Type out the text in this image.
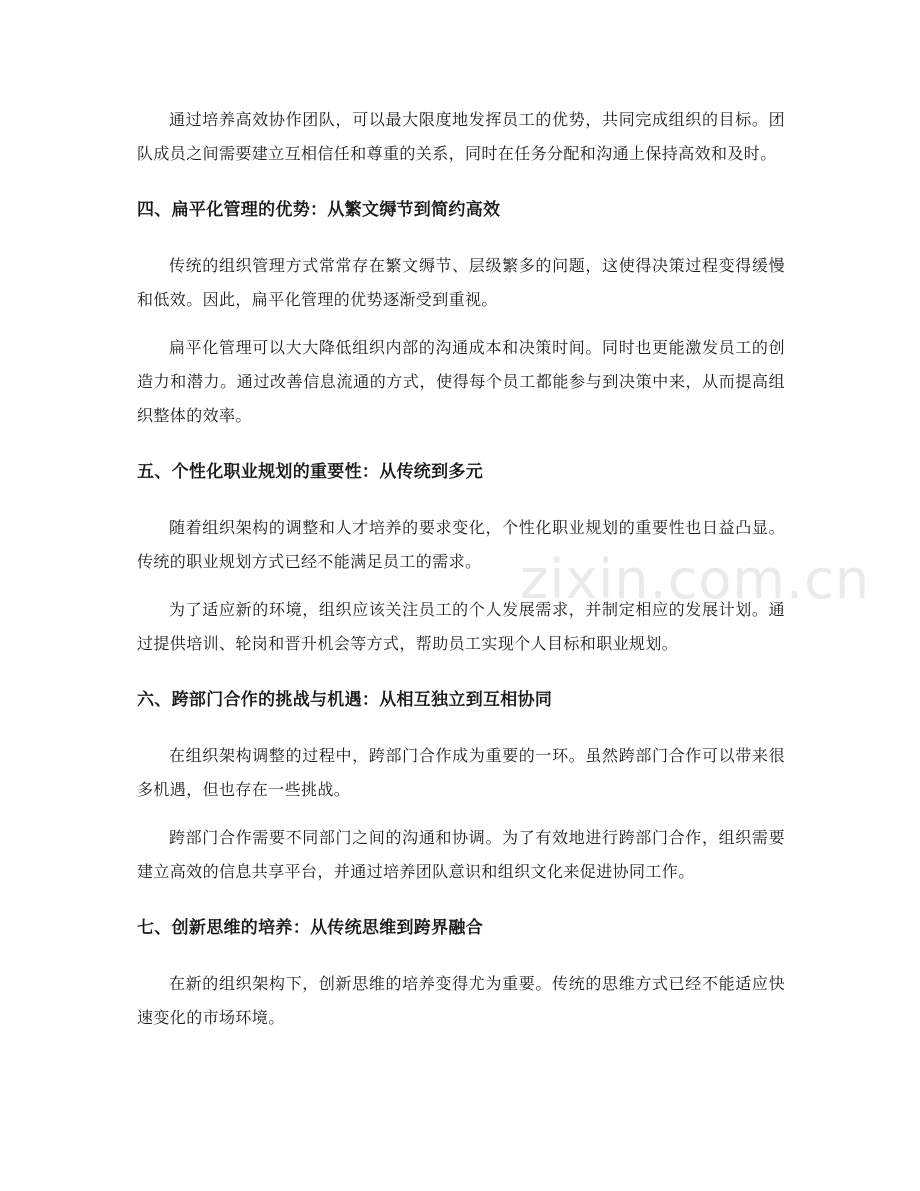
通过培养高效协作团队，可以最大限度地发挥员工的优势，共同完成组织的目标。团队成员之间需要建立互相信任和尊重的关系，同时在任务分配和沟通上保持高效和及时。

四、扁平化管理的优势：从繁文缛节到简约高效

传统的组织管理方式常常存在繁文缛节、层级繁多的问题，这使得决策过程变得缓慢和低效。因此，扁平化管理的优势逐渐受到重视。

扁平化管理可以大大降低组织内部的沟通成本和决策时间。同时也更能激发员工的创造力和潜力。通过改善信息流通的方式，使得每个员工都能参与到决策中来，从而提高组织整体的效率。

五、个性化职业规划的重要性：从传统到多元

随着组织架构的调整和人才培养的要求变化，个性化职业规划的重要性也日益凸显。传统的职业规划方式已经不能满足员工的需求。

为了适应新的环境，组织应该关注员工的个人发展需求，并制定相应的发展计划。通过提供培训、轮岗和晋升机会等方式，帮助员工实现个人目标和职业规划。

六、跨部门合作的挑战与机遇：从相互独立到互相协同

在组织架构调整的过程中，跨部门合作成为重要的一环。虽然跨部门合作可以带来很多机遇，但也存在一些挑战。

跨部门合作需要不同部门之间的沟通和协调。为了有效地进行跨部门合作，组织需要建立高效的信息共享平台，并通过培养团队意识和组织文化来促进协同工作。

七、创新思维的培养：从传统思维到跨界融合

在新的组织架构下，创新思维的培养变得尤为重要。传统的思维方式已经不能适应快速变化的市场环境。

zixin.com.cn
